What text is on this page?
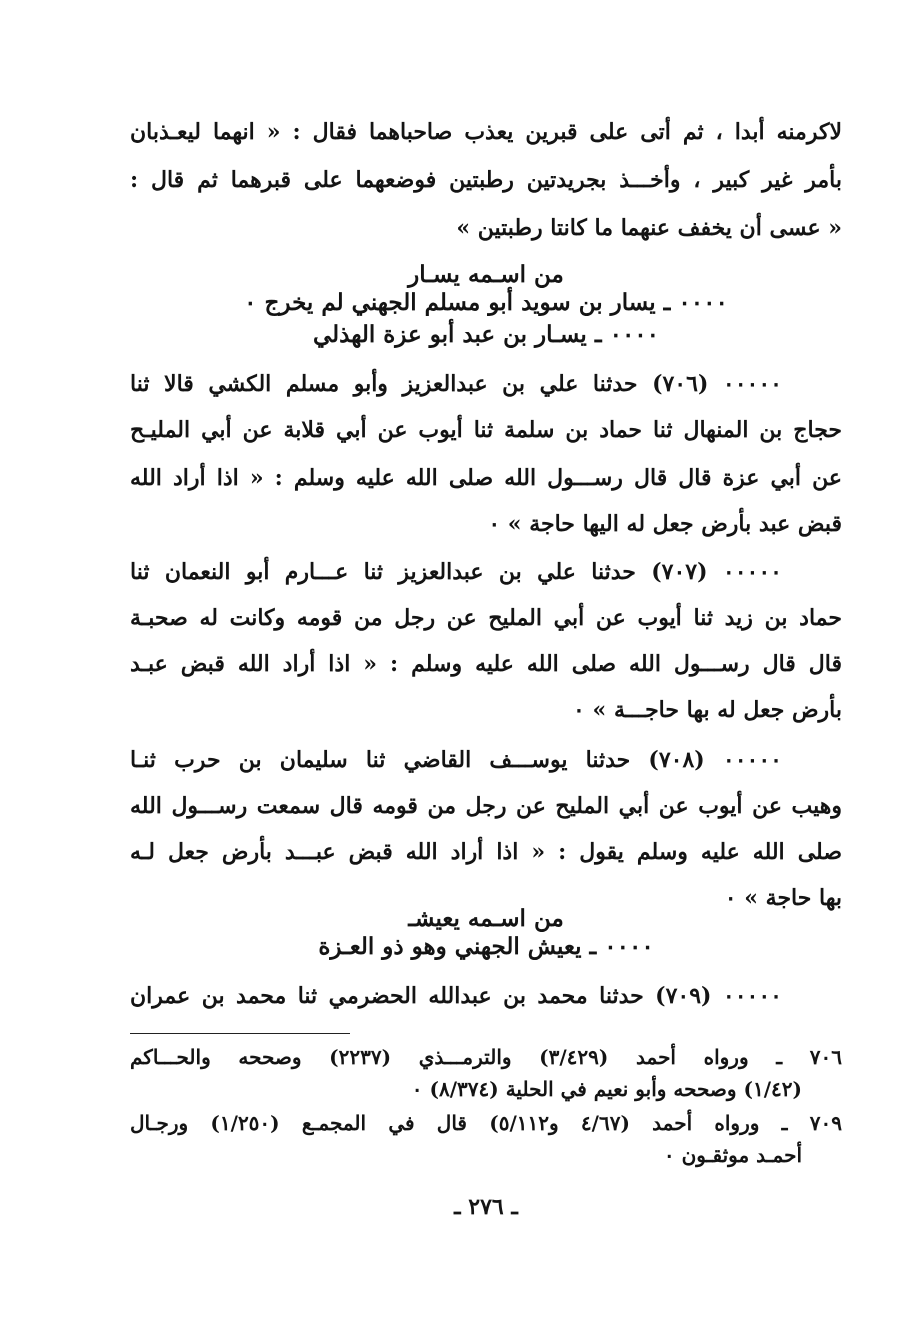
لاكرمنه أبدا ، ثم أتى على قبرين يعذب صاحباهما فقال : « انهما ليعـذبان
بأمر غير كبير ، وأخـــذ بجريدتين رطبتين فوضعهما على قبرهما ثم قال :
« عسى أن يخفف عنهما ما كانتا رطبتين »
من اسـمه يسـار
٠٠٠٠ ـ يسار بن سويد أبو مسلم الجهني لم يخرج ٠
٠٠٠٠ ـ يسـار بن عبد أبو عزة الهذلي
٠٠٠٠٠ (٧٠٦) حدثنا علي بن عبدالعزيز وأبو مسلم الكشي قالا ثنا
حجاج بن المنهال ثنا حماد بن سلمة ثنا أيوب عن أبي قلابة عن أبي المليـح
عن أبي عزة قال قال رســـول الله صلى الله عليه وسلم : « اذا أراد الله
قبض عبد بأرض جعل له اليها حاجة » ٠
٠٠٠٠٠ (٧٠٧) حدثنا علي بن عبدالعزيز ثنا عـــارم أبو النعمان ثنا
حماد بن زيد ثنا أيوب عن أبي المليح عن رجل من قومه وكانت له صحبـة
قال قال رســـول الله صلى الله عليه وسلم : « اذا أراد الله قبض عبـد
بأرض جعل له بها حاجـــة » ٠
٠٠٠٠٠ (٧٠٨) حدثنا يوســـف القاضي ثنا سليمان بن حرب ثنـا
وهيب عن أيوب عن أبي المليح عن رجل من قومه قال سمعت رســـول الله
صلى الله عليه وسلم يقول : « اذا أراد الله قبض عبـــد بأرض جعل لـه
بها حاجة » ٠
من اسـمه يعيشـ
٠٠٠٠ ـ يعيش الجهني وهو ذو العـزة
٠٠٠٠٠ (٧٠٩) حدثنا محمد بن عبدالله الحضرمي ثنا محمد بن عمران
٧٠٦ ـ ورواه أحمد (٣/٤٢٩) والترمـــذي (٢٢٣٧) وصححه والحـــاكم
(١/٤٢) وصححه وأبو نعيم في الحلية (٨/٣٧٤) ٠
٧٠٩ ـ ورواه أحمد (٤/٦٧ و٥/١١٢) قال في المجمـع (١/٢٥٠) ورجـال
أحمـد موثقـون ٠
ـ ٢٧٦ ـ
